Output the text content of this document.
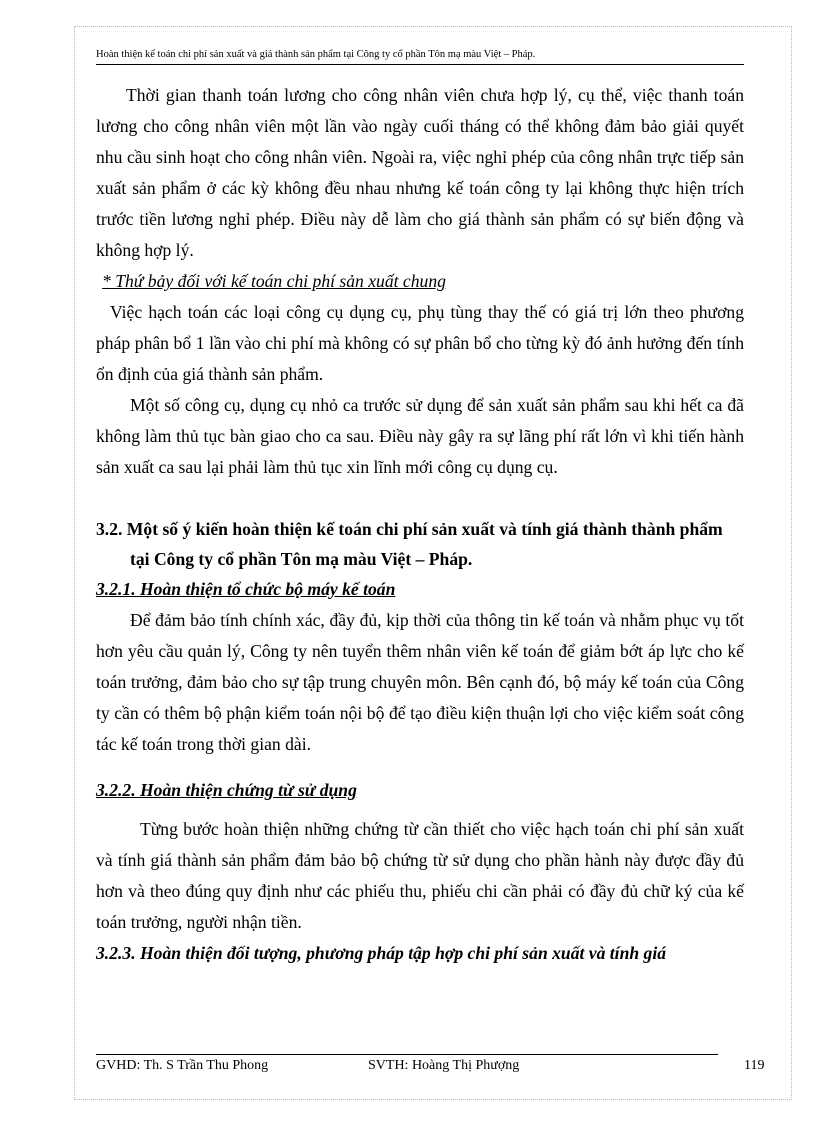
Hoàn thiện kế toán chi phí sản xuất và giá thành sản phẩm tại Công ty cổ phần Tôn mạ màu Việt – Pháp.

Thời gian thanh toán lương cho công nhân viên chưa hợp lý, cụ thể, việc thanh toán lương cho công nhân viên một lần vào ngày cuối tháng có thể không đảm bảo giải quyết nhu cầu sinh hoạt cho công nhân viên. Ngoài ra, việc nghỉ phép của công nhân trực tiếp sản xuất sản phẩm ở các kỳ không đều nhau nhưng kế toán công ty lại không thực hiện trích trước tiền lương nghỉ phép. Điều này dễ làm cho giá thành sản phẩm có sự biến động và không hợp lý.

* Thứ bảy đối với kế toán chi phí sản xuất chung

Việc hạch toán các loại công cụ dụng cụ, phụ tùng thay thế có giá trị lớn theo phương pháp phân bổ 1 lần vào chi phí mà không có sự phân bổ cho từng kỳ đó ảnh hưởng đến tính ổn định của giá thành sản phẩm.

Một số công cụ, dụng cụ nhỏ ca trước sử dụng để sản xuất sản phẩm sau khi hết ca đã không làm thủ tục bàn giao cho ca sau. Điều này gây ra sự lãng phí rất lớn vì khi tiến hành sản xuất ca sau lại phải làm thủ tục xin lĩnh mới công cụ dụng cụ.

3.2. Một số ý kiến hoàn thiện kế toán chi phí sản xuất và tính giá thành thành phẩm tại Công ty cổ phần Tôn mạ màu Việt – Pháp.

3.2.1. Hoàn thiện tổ chức bộ máy kế toán

Để đảm bảo tính chính xác, đầy đủ, kịp thời của thông tin kế toán và nhằm phục vụ tốt hơn yêu cầu quản lý, Công ty nên tuyển thêm nhân viên kế toán để giảm bớt áp lực cho kế toán trưởng, đảm bảo cho sự tập trung chuyên môn. Bên cạnh đó, bộ máy kế toán của Công ty cần có thêm bộ phận kiểm toán nội bộ để tạo điều kiện thuận lợi cho việc kiểm soát công tác kế toán trong thời gian dài.

3.2.2. Hoàn thiện chứng từ sử dụng

Từng bước hoàn thiện những chứng từ cần thiết cho việc hạch toán chi phí sản xuất và tính giá thành sản phẩm đảm bảo bộ chứng từ sử dụng cho phần hành này được đầy đủ hơn và theo đúng quy định như các phiếu thu, phiếu chi cần phải có đầy đủ chữ ký của kế toán trưởng, người nhận tiền.

3.2.3. Hoàn thiện đối tượng, phương pháp tập hợp chi phí sản xuất và tính giá

GVHD: Th. S Trần Thu Phong	SVTH: Hoàng Thị Phượng	119
